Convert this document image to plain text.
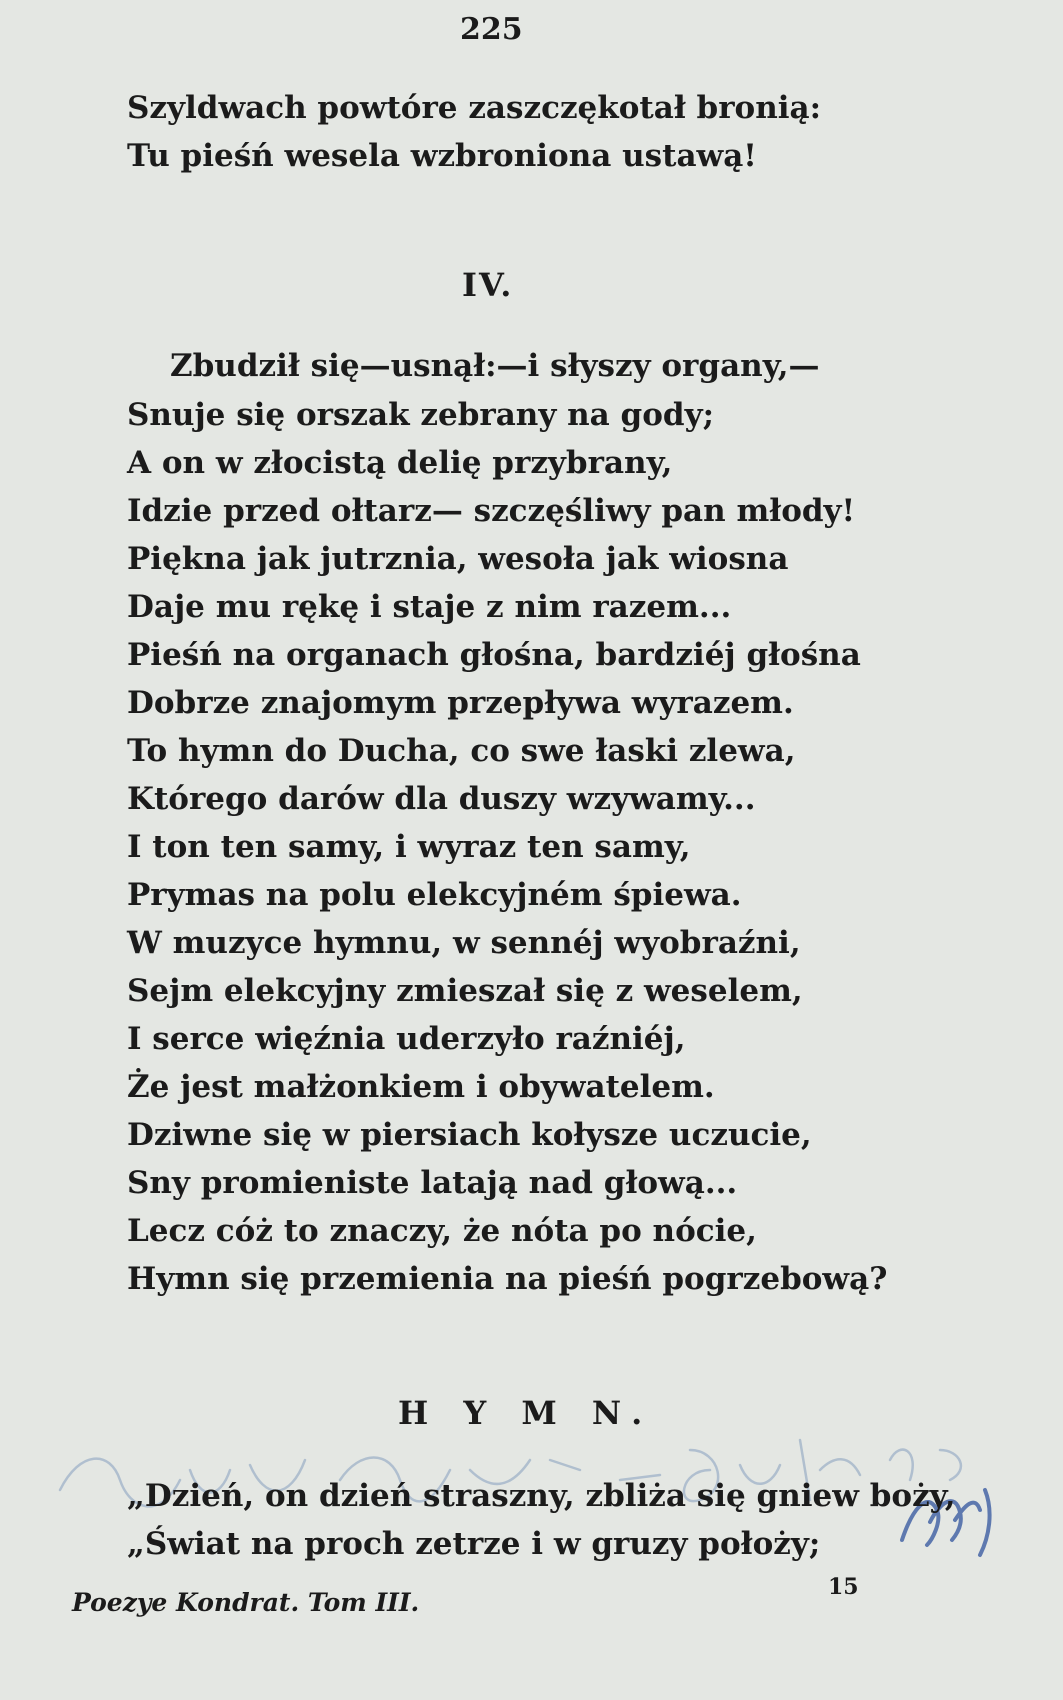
225
Szyldwach powtóre zaszczękotał bronią:
Tu pieśń wesela wzbroniona ustawą!
IV.
Zbudził się—usnął:—i słyszy organy,—
Snuje się orszak zebrany na gody;
A on w złocistą delię przybrany,
Idzie przed ołtarz— szczęśliwy pan młody!
Piękna jak jutrznia, wesoła jak wiosna
Daje mu rękę i staje z nim razem...
Pieśń na organach głośna, bardziéj głośna
Dobrze znajomym przepływa wyrazem.
To hymn do Ducha, co swe łaski zlewa,
Którego darów dla duszy wzywamy...
I ton ten samy, i wyraz ten samy,
Prymas na polu elekcyjném śpiewa.
W muzyce hymnu, w sennéj wyobraźni,
Sejm elekcyjny zmieszał się z weselem,
I serce więźnia uderzyło raźniéj,
Że jest małżonkiem i obywatelem.
Dziwne się w piersiach kołysze uczucie,
Sny promieniste latają nad głową...
Lecz cóż to znaczy, że nóta po nócie,
Hymn się przemienia na pieśń pogrzebową?
H Y M N.
„Dzień, on dzień straszny, zbliża się gniew boży,
„Świat na proch zetrze i w gruzy położy;
Poezye Kondrat. Tom III.
15
